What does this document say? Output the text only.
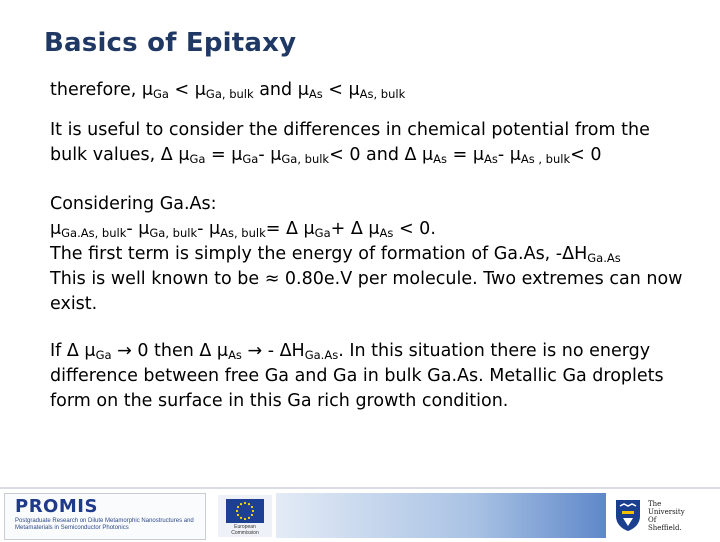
Basics of Epitaxy

therefore, $\mu_{Ga} < \mu_{Ga, bulk}$ and $\mu_{As} < \mu_{As, bulk}$

It is useful to consider the differences in chemical potential from the bulk values, Δ $\mu_{Ga} = \mu_{Ga}-$ $\mu_{Ga, bulk}< 0$ and Δ $\mu_{As} = \mu_{As}-$ $\mu_{As , bulk}< 0$

Considering Ga.As:

$\mu_{Ga.As, bulk}-$ $\mu_{Ga, bulk}-$ $\mu_{As, bulk}= \Delta$ $\mu_{Ga}+ \Delta$ $\mu_{As} < 0$.

The first term is simply the energy of formation of Ga.As, $-\Delta H_{Ga.As}$

This is well known to be ≈ 0.80e.V per molecule. Two extremes can now exist.

If Δ $\mu_{Ga} \to 0$ then Δ $\mu_{As}$ → - $\Delta H_{Ga.As}$. In this situation there is no energy difference between free Ga and Ga in bulk Ga.As. Metallic Ga droplets form on the surface in this Ga rich growth condition.

PROMIS
Postgraduate Research on Dilute Metamorphic Nanostructures and Metamaterials in Semiconductor Photonics	European Commission
The
University
Of
Sheffield.
